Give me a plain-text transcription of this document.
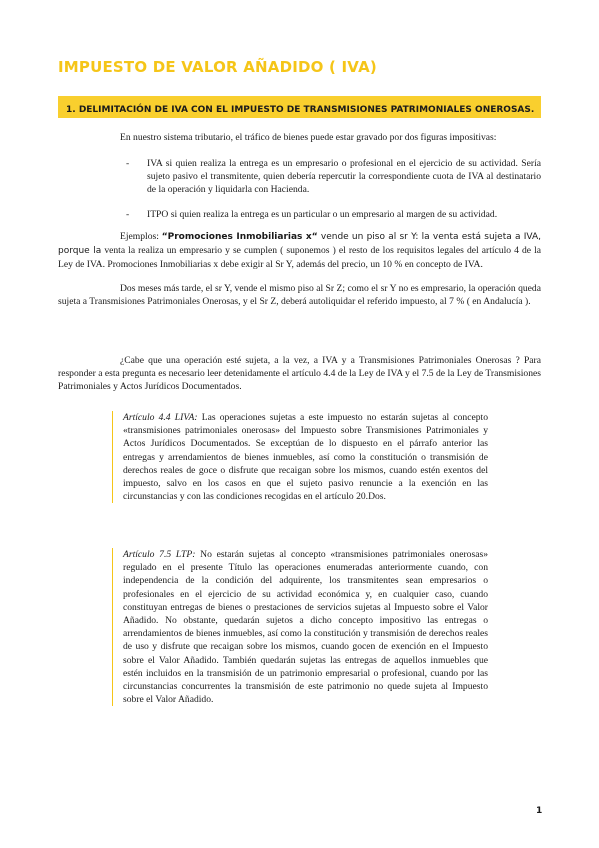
IMPUESTO DE VALOR AÑADIDO ( IVA)
1. DELIMITACIÓN DE IVA CON EL IMPUESTO DE TRANSMISIONES PATRIMONIALES ONEROSAS.

En nuestro sistema tributario, el tráfico de bienes puede estar gravado por dos figuras impositivas:

- IVA si quien realiza la entrega es un empresario o profesional en el ejercicio de su actividad. Sería sujeto pasivo el transmitente, quien debería repercutir la correspondiente cuota de IVA al destinatario de la operación y liquidarla con Hacienda.

- ITPO si quien realiza la entrega es un particular o un empresario al margen de su actividad.

Ejemplos: “Promociones Inmobiliarias x“ vende un piso al sr Y: la venta está sujeta a IVA, porque la venta la realiza un empresario y se cumplen ( suponemos ) el resto de los requisitos legales del artículo 4 de la Ley de IVA. Promociones Inmobiliarias x debe exigir al Sr Y, además del precio, un 10 % en concepto de IVA.

Dos meses más tarde, el sr Y, vende el mismo piso al Sr Z; como el sr Y no es empresario, la operación queda sujeta a Transmisiones Patrimoniales Onerosas, y el Sr Z, deberá autoliquidar el referido impuesto, al 7 % ( en Andalucía ).

¿Cabe que una operación esté sujeta, a la vez, a IVA y a Transmisiones Patrimoniales Onerosas ? Para responder a esta pregunta es necesario leer detenidamente el artículo 4.4 de la Ley de IVA y el 7.5 de la Ley de Transmisiones Patrimoniales y Actos Jurídicos Documentados.

Artículo 4.4 LIVA: Las operaciones sujetas a este impuesto no estarán sujetas al concepto «transmisiones patrimoniales onerosas» del Impuesto sobre Transmisiones Patrimoniales y Actos Jurídicos Documentados. Se exceptúan de lo dispuesto en el párrafo anterior las entregas y arrendamientos de bienes inmuebles, así como la constitución o transmisión de derechos reales de goce o disfrute que recaigan sobre los mismos, cuando estén exentos del impuesto, salvo en los casos en que el sujeto pasivo renuncie a la exención en las circunstancias y con las condiciones recogidas en el artículo 20.Dos.

Artículo 7.5 LTP: No estarán sujetas al concepto «transmisiones patrimoniales onerosas» regulado en el presente Título las operaciones enumeradas anteriormente cuando, con independencia de la condición del adquirente, los transmitentes sean empresarios o profesionales en el ejercicio de su actividad económica y, en cualquier caso, cuando constituyan entregas de bienes o prestaciones de servicios sujetas al Impuesto sobre el Valor Añadido. No obstante, quedarán sujetos a dicho concepto impositivo las entregas o arrendamientos de bienes inmuebles, así como la constitución y transmisión de derechos reales de uso y disfrute que recaigan sobre los mismos, cuando gocen de exención en el Impuesto sobre el Valor Añadido. También quedarán sujetas las entregas de aquellos inmuebles que estén incluidos en la transmisión de un patrimonio empresarial o profesional, cuando por las circunstancias concurrentes la transmisión de este patrimonio no quede sujeta al Impuesto sobre el Valor Añadido.

1
